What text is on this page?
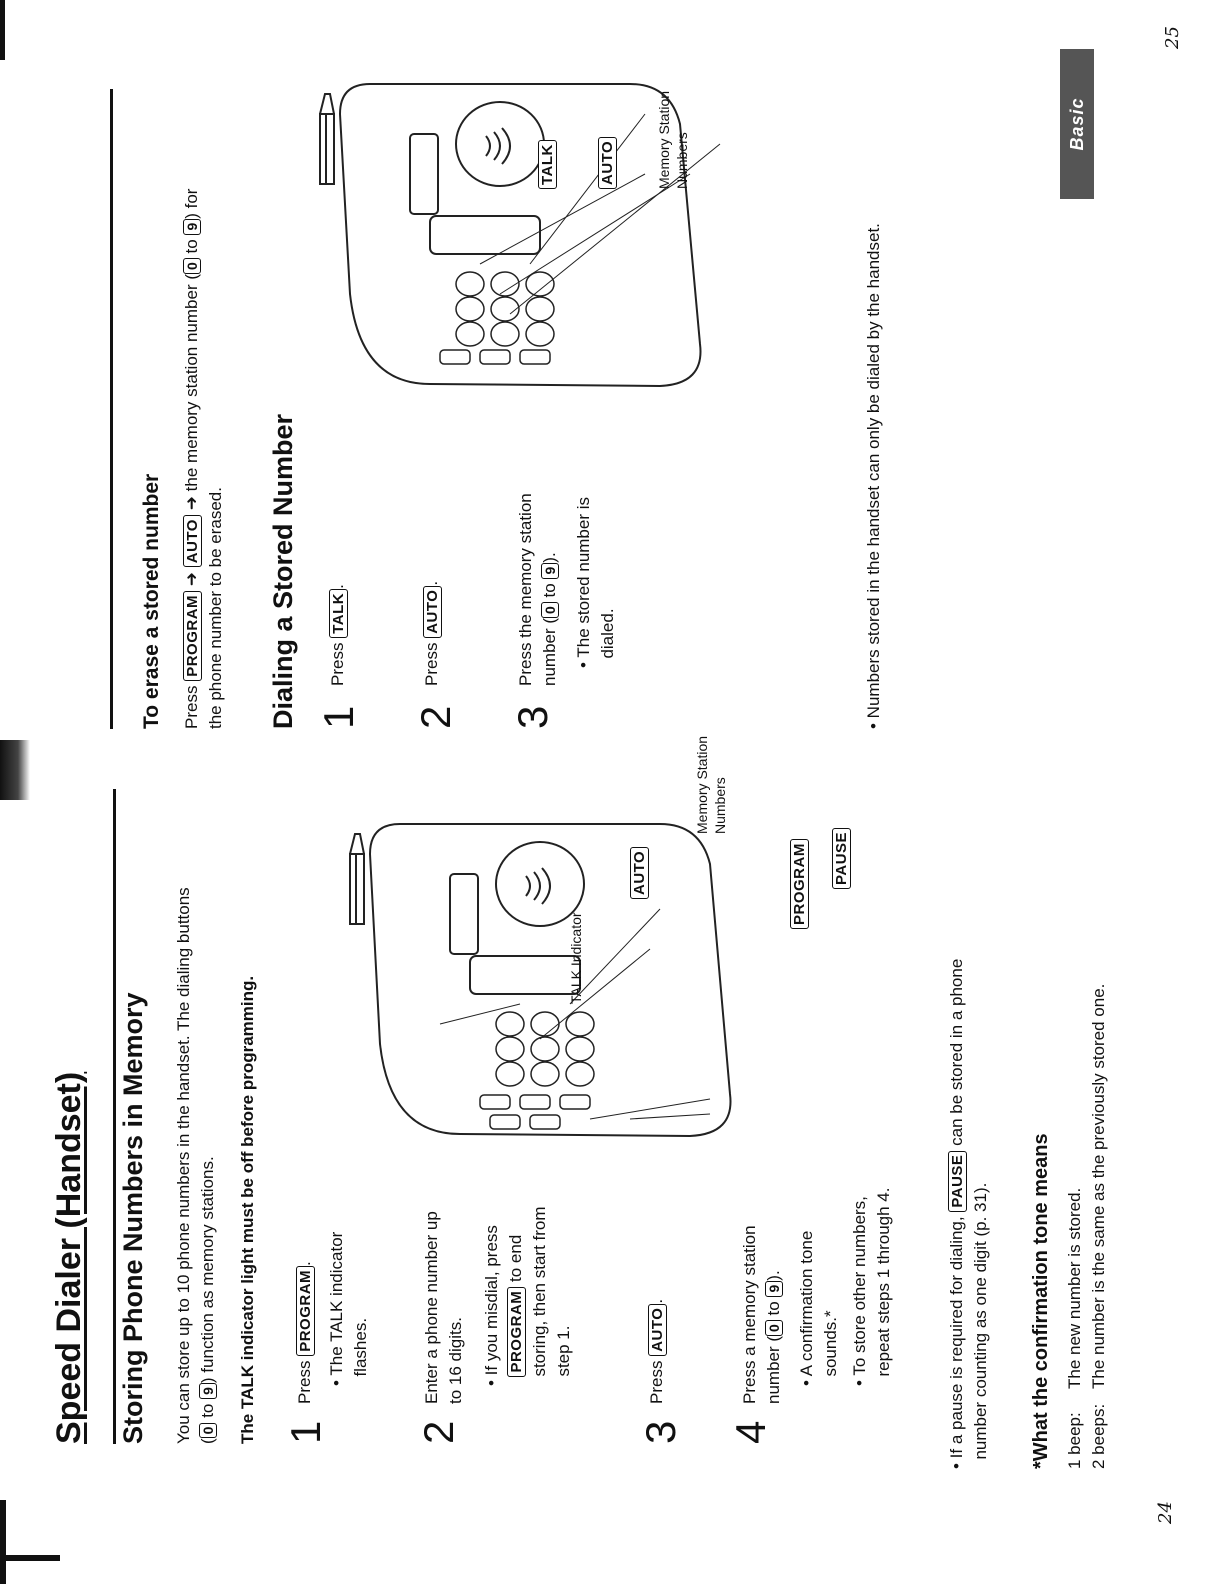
Speed Dialer (Handset) Storing Phone Numbers in Memory You can store up to 10 phone numbers in the handset. The dialing buttons (0 to 9) function as memory stations. The TALK indicator light must be off before programming. 1
Press PROGRAM.
• The TALK indicator flashes.
2
Enter a phone number up to 16 digits. • If you misdial, press PROGRAM to end storing, then start from step 1.
3
Press AUTO.
4
Press a memory station number (0 to 9).
• A confirmation tone sounds.*
• To store other numbers, repeat steps 1 through 4.
TALK Indicator
AUTO
Memory Station Numbers
PROGRAM PAUSE
• If a pause is required for dialing, PAUSE can be stored in a phone
number counting as one digit (p. 31). *What the confirmation tone means 1 beep:The new number is stored.
2 beeps:The number is the same as the previously stored one.
24
Basic Operation
To erase a stored number Press PROGRAM ➜ AUTO ➜ the memory station number (0 to 9) for
the phone number to be erased. Dialing a Stored Number 1
Press TALK.
2
Press AUTO.
3
Press the memory station number (0 to 9).
• The stored number is dialed.
TALK	AUTO	Memory Station Numbers
• Numbers stored in the handset can only be dialed by the handset.
25
